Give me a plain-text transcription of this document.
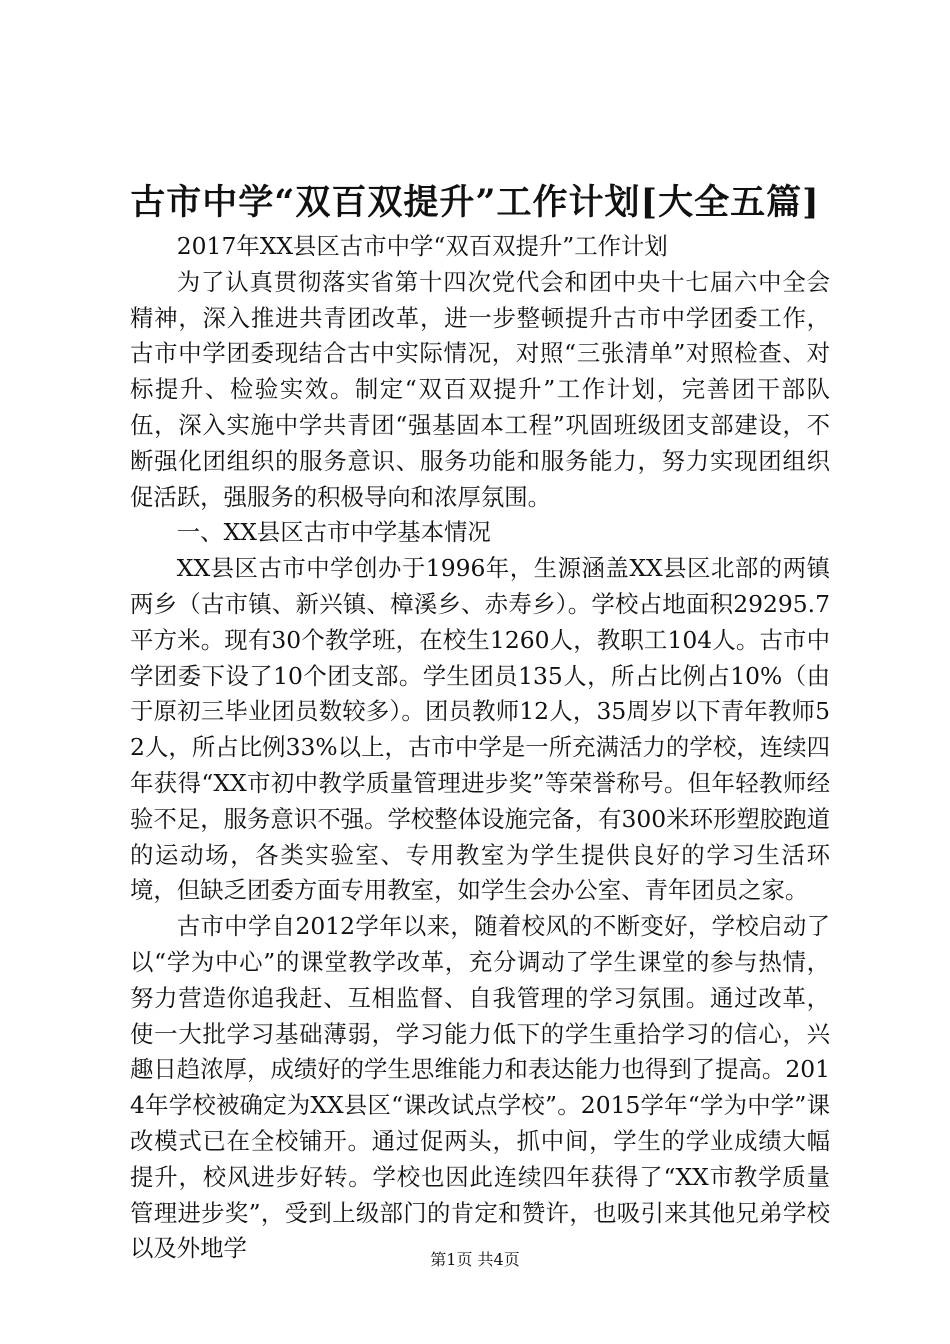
古市中学“双百双提升”工作计划[大全五篇]

2017年XX县区古市中学“双百双提升”工作计划

为了认真贯彻落实省第十四次党代会和团中央十七届六中全会精神，深入推进共青团改革，进一步整顿提升古市中学团委工作，古市中学团委现结合古中实际情况，对照“三张清单”对照检查、对标提升、检验实效。制定“双百双提升”工作计划，完善团干部队伍，深入实施中学共青团“强基固本工程”巩固班级团支部建设，不断强化团组织的服务意识、服务功能和服务能力，努力实现团组织促活跃，强服务的积极导向和浓厚氛围。

一、XX县区古市中学基本情况

XX县区古市中学创办于1996年，生源涵盖XX县区北部的两镇两乡（古市镇、新兴镇、樟溪乡、赤寿乡）。学校占地面积29295.7平方米。现有30个教学班，在校生1260人，教职工104人。古市中学团委下设了10个团支部。学生团员135人，所占比例占10%（由于原初三毕业团员数较多）。团员教师12人，35周岁以下青年教师52人，所占比例33%以上，古市中学是一所充满活力的学校，连续四年获得“XX市初中教学质量管理进步奖”等荣誉称号。但年轻教师经验不足，服务意识不强。学校整体设施完备，有300米环形塑胶跑道的运动场，各类实验室、专用教室为学生提供良好的学习生活环境，但缺乏团委方面专用教室，如学生会办公室、青年团员之家。

古市中学自2012学年以来，随着校风的不断变好，学校启动了以“学为中心”的课堂教学改革，充分调动了学生课堂的参与热情，努力营造你追我赶、互相监督、自我管理的学习氛围。通过改革，使一大批学习基础薄弱，学习能力低下的学生重拾学习的信心，兴趣日趋浓厚，成绩好的学生思维能力和表达能力也得到了提高。2014年学校被确定为XX县区“课改试点学校”。2015学年“学为中学”课改模式已在全校铺开。通过促两头，抓中间，学生的学业成绩大幅提升，校风进步好转。学校也因此连续四年获得了“XX市教学质量管理进步奖”，受到上级部门的肯定和赞许，也吸引来其他兄弟学校以及外地学	第1页 共4页
